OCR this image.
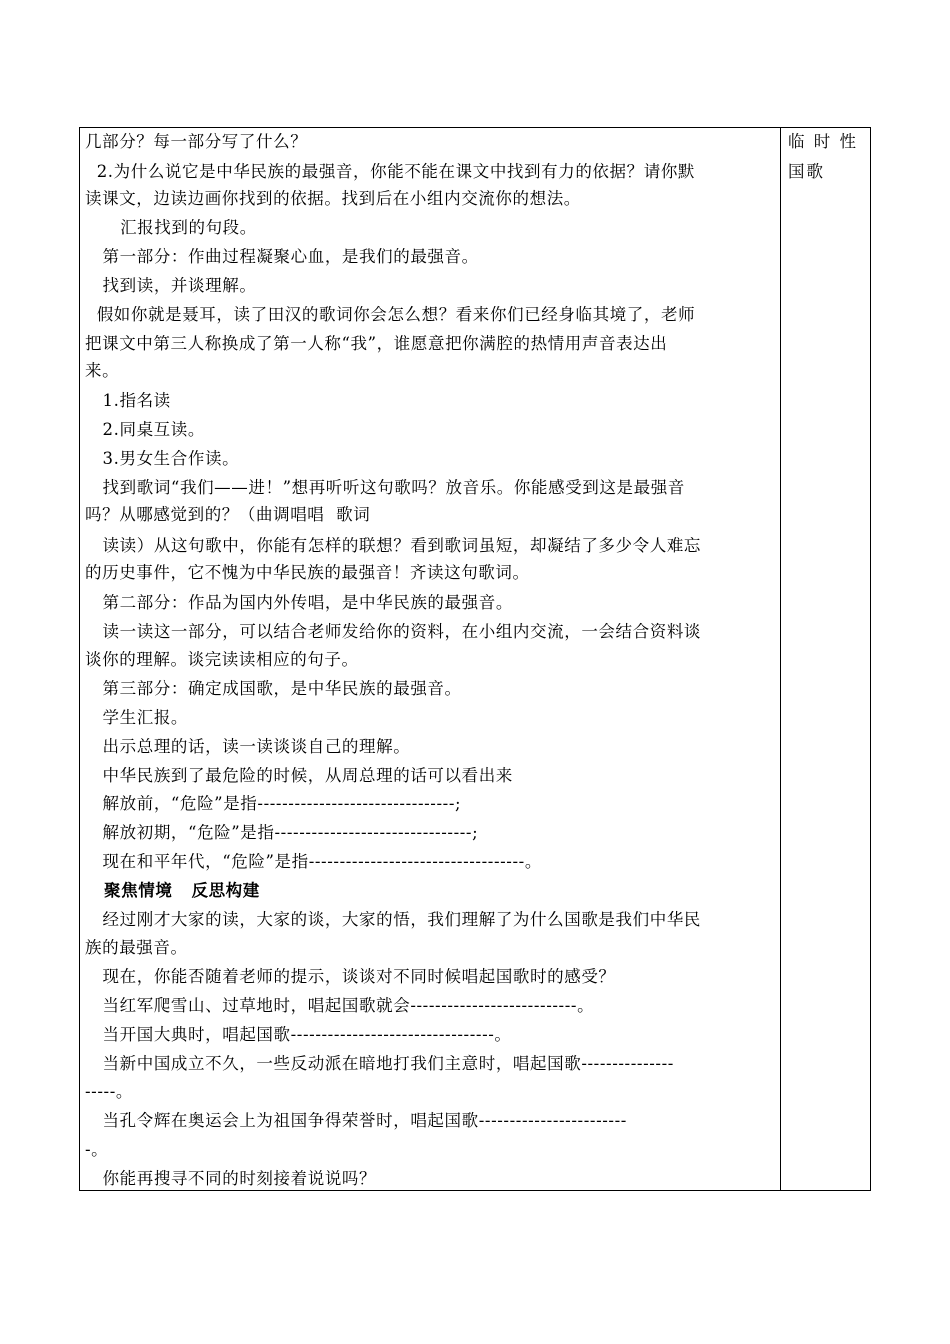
几部分？每一部分写了什么？
2.为什么说它是中华民族的最强音，你能不能在课文中找到有力的依据？请你默
读课文，边读边画你找到的依据。找到后在小组内交流你的想法。
汇报找到的句段。
第一部分：作曲过程凝聚心血，是我们的最强音。
找到读，并谈理解。
假如你就是聂耳，读了田汉的歌词你会怎么想？看来你们已经身临其境了，老师
把课文中第三人称换成了第一人称“我”，谁愿意把你满腔的热情用声音表达出
来。
1.指名读
2.同桌互读。
3.男女生合作读。
找到歌词“我们——进！”想再听听这句歌吗？放音乐。你能感受到这是最强音
吗？从哪感觉到的？（曲调唱唱  歌词
读读）从这句歌中，你能有怎样的联想？看到歌词虽短，却凝结了多少令人难忘
的历史事件，它不愧为中华民族的最强音！齐读这句歌词。
第二部分：作品为国内外传唱，是中华民族的最强音。
读一读这一部分，可以结合老师发给你的资料，在小组内交流，一会结合资料谈
谈你的理解。谈完读读相应的句子。
第三部分：确定成国歌，是中华民族的最强音。
学生汇报。
出示总理的话，读一读谈谈自己的理解。
中华民族到了最危险的时候，从周总理的话可以看出来
解放前，“危险”是指--------------------------------;
解放初期，“危险”是指--------------------------------;
现在和平年代，“危险”是指-----------------------------------。
聚焦情境   反思构建
经过刚才大家的读，大家的谈，大家的悟，我们理解了为什么国歌是我们中华民
族的最强音。
现在，你能否随着老师的提示，谈谈对不同时候唱起国歌时的感受？
当红军爬雪山、过草地时，唱起国歌就会---------------------------。
当开国大典时，唱起国歌---------------------------------。
当新中国成立不久，一些反动派在暗地打我们主意时，唱起国歌---------------
-----。
当孔令辉在奥运会上为祖国争得荣誉时，唱起国歌------------------------
-。
你能再搜寻不同的时刻接着说说吗？
临 时 性
国歌
